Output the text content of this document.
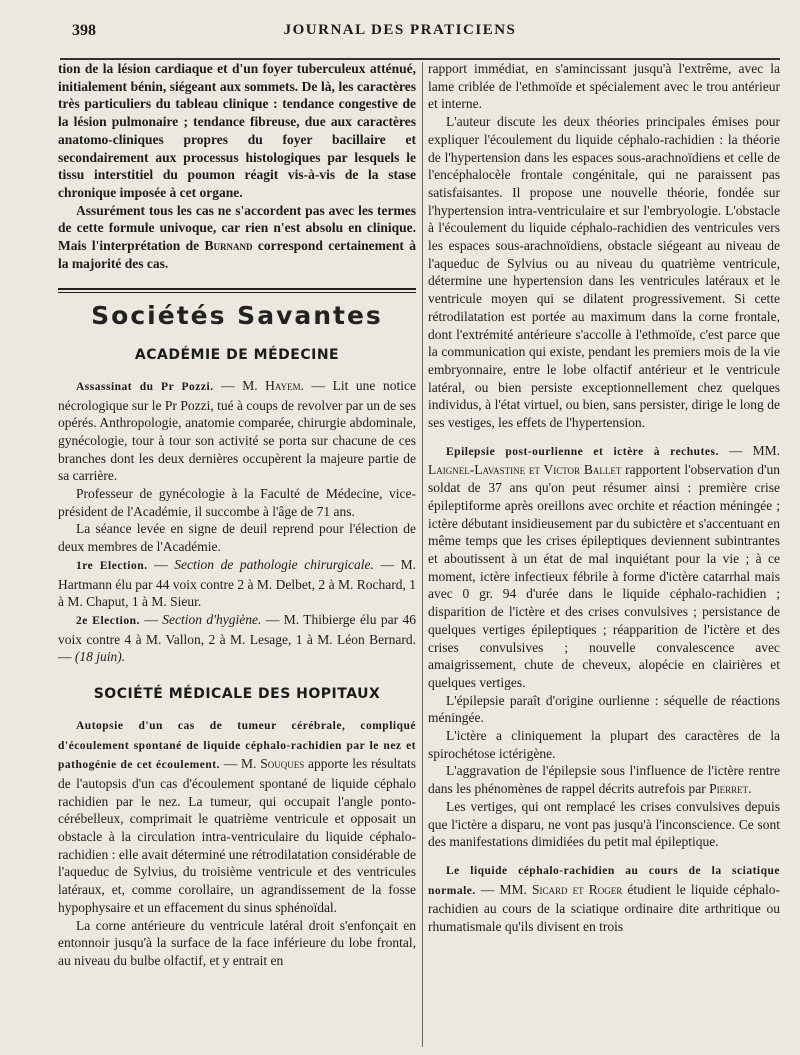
398	JOURNAL DES PRATICIENS

tion de la lésion cardiaque et d'un foyer tuberculeux atténué, initialement bénin, siégeant aux sommets. De là, les caractères très particuliers du tableau clinique : tendance congestive de la lésion pulmonaire ; tendance fibreuse, due aux caractères anatomo-cliniques propres du foyer bacillaire et secondairement aux processus histologiques par lesquels le tissu interstitiel du poumon réagit vis-à-vis de la stase chronique imposée à cet organe.

Assurément tous les cas ne s'accordent pas avec les termes de cette formule univoque, car rien n'est absolu en clinique. Mais l'interprétation de Burnand correspond certainement à la majorité des cas.

Sociétés Savantes
ACADÉMIE DE MÉDECINE

Assassinat du Pr Pozzi. — M. Hayem. — Lit une notice nécrologique sur le Pr Pozzi, tué à coups de revolver par un de ses opérés. Anthropologie, anatomie comparée, chirurgie abdominale, gynécologie, tour à tour son activité se porta sur chacune de ces branches dont les deux dernières occupèrent la majeure partie de sa carrière.

Professeur de gynécologie à la Faculté de Médecine, vice-président de l'Académie, il succombe à l'âge de 71 ans.

La séance levée en signe de deuil reprend pour l'élection de deux membres de l'Académie.

1re Election. — Section de pathologie chirurgicale. — M. Hartmann élu par 44 voix contre 2 à M. Delbet, 2 à M. Rochard, 1 à M. Chaput, 1 à M. Sieur.

2e Election. — Section d'hygiène. — M. Thibierge élu par 46 voix contre 4 à M. Vallon, 2 à M. Lesage, 1 à M. Léon Bernard. — (18 juin).

SOCIÉTÉ MÉDICALE DES HOPITAUX

Autopsie d'un cas de tumeur cérébrale, compliqué d'écoulement spontané de liquide céphalo-rachidien par le nez et pathogénie de cet écoulement. — M. Souques apporte les résultats de l'autopsis d'un cas d'écoulement spontané de liquide céphalo rachidien par le nez. La tumeur, qui occupait l'angle ponto-cérébelleux, comprimait le quatrième ventricule et opposait un obstacle à la circulation intra-ventriculaire du liquide céphalo-rachidien : elle avait déterminé une rétrodilatation considérable de l'aqueduc de Sylvius, du troisième ventricule et des ventricules latéraux, et, comme corollaire, un agrandissement de la fosse hypophysaire et un effacement du sinus sphénoïdal.

La corne antérieure du ventricule latéral droit s'enfonçait en entonnoir jusqu'à la surface de la face inférieure du lobe frontal, au niveau du bulbe olfactif, et y entrait en

rapport immédiat, en s'amincissant jusqu'à l'extrême, avec la lame criblée de l'ethmoïde et spécialement avec le trou antérieur et interne.

L'auteur discute les deux théories principales émises pour expliquer l'écoulement du liquide céphalo-rachidien : la théorie de l'hypertension dans les espaces sous-arachnoïdiens et celle de l'encéphalocèle frontale congénitale, qui ne paraissent pas satisfaisantes. Il propose une nouvelle théorie, fondée sur l'hypertension intra-ventriculaire et sur l'embryologie. L'obstacle à l'écoulement du liquide céphalo-rachidien des ventricules vers les espaces sous-arachnoïdiens, obstacle siégeant au niveau de l'aqueduc de Sylvius ou au niveau du quatrième ventricule, détermine une hypertension dans les ventricules latéraux et le ventricule moyen qui se dilatent progressivement. Si cette rétrodilatation est portée au maximum dans la corne frontale, dont l'extrémité antérieure s'accolle à l'ethmoïde, c'est parce que la communication qui existe, pendant les premiers mois de la vie embryonnaire, entre le lobe olfactif antérieur et le ventricule latéral, ou bien persiste exceptionnellement chez quelques individus, à l'état virtuel, ou bien, sans persister, dirige le long de ses vestiges, les effets de l'hypertension.

Epilepsie post-ourlienne et ictère à rechutes. — MM. Laignel-Lavastine et Victor Ballet rapportent l'observation d'un soldat de 37 ans qu'on peut résumer ainsi : première crise épileptiforme après oreillons avec orchite et réaction méningée ; ictère débutant insidieusement par du subictère et s'accentuant en même temps que les crises épileptiques deviennent subintrantes et aboutissent à un état de mal inquiétant pour la vie ; à ce moment, ictère infectieux fébrile à forme d'ictère catarrhal mais avec 0 gr. 94 d'urée dans le liquide céphalo-rachidien ; disparition de l'ictère et des crises convulsives ; persistance de quelques vertiges épileptiques ; réapparition de l'ictère et des crises convulsives ; nouvelle convalescence avec amaigrissement, chute de cheveux, alopécie en clairières et quelques vertiges.

L'épilepsie paraît d'origine ourlienne : séquelle de réactions méningée.

L'ictère a cliniquement la plupart des caractères de la spirochétose ictérigène.

L'aggravation de l'épilepsie sous l'influence de l'ictère rentre dans les phénomènes de rappel décrits autrefois par Pierret.

Les vertiges, qui ont remplacé les crises convulsives depuis que l'ictère a disparu, ne vont pas jusqu'à l'inconscience. Ce sont des manifestations dimidiées du petit mal épileptique.

Le liquide céphalo-rachidien au cours de la sciatique normale. — MM. Sicard et Roger étudient le liquide céphalo-rachidien au cours de la sciatique ordinaire dite arthritique ou rhumatismale qu'ils divisent en trois
